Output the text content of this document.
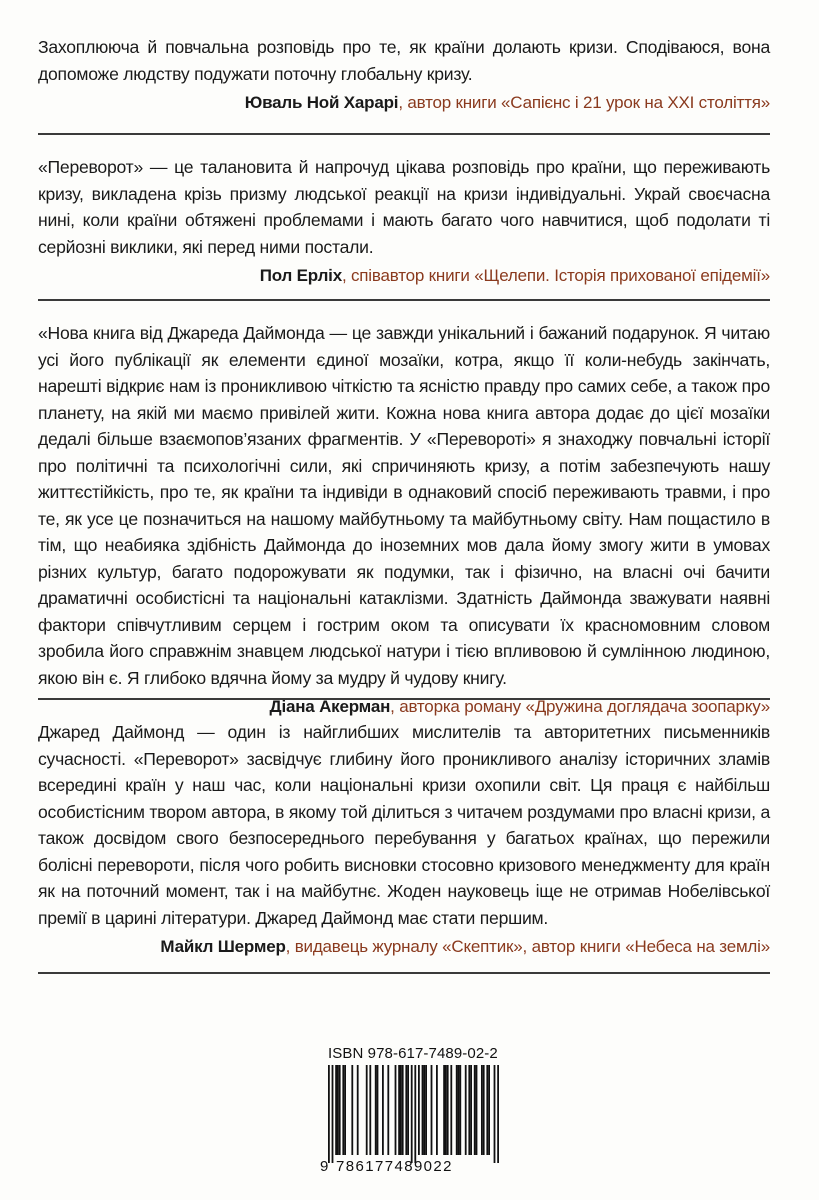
Захоплююча й повчальна розповідь про те, як країни долають кризи. Сподіваюся, вона допоможе людству подужати поточну глобальну кризу.

Юваль Ной Харарі, автор книги «Сапієнс і 21 урок на XXI століття»

«Переворот» — це талановита й напрочуд цікава розповідь про країни, що переживають кризу, викладена крізь призму людської реакції на кризи індивідуальні. Украй своєчасна нині, коли країни обтяжені проблемами і мають багато чого навчитися, щоб подолати ті серйозні виклики, які перед ними постали.

Пол Ерліх, співавтор книги «Щелепи. Історія прихованої епідемії»

«Нова книга від Джареда Даймонда — це завжди унікальний і бажаний подарунок. Я читаю усі його публікації як елементи єдиної мозаїки, котра, якщо її коли-небудь закінчать, нарешті відкриє нам із проникливою чіткістю та ясністю правду про самих себе, а також про планету, на якій ми маємо привілей жити. Кожна нова книга автора додає до цієї мозаїки дедалі більше взаємопов’язаних фрагментів. У «Перевороті» я знаходжу повчальні історії про політичні та психологічні сили, які спричиняють кризу, а потім забезпечують нашу життєстійкість, про те, як країни та індивіди в однаковий спосіб переживають травми, і про те, як усе це позначиться на нашому майбутньому та майбутньому світу. Нам пощастило в тім, що неабияка здібність Даймонда до іноземних мов дала йому змогу жити в умовах різних культур, багато подорожувати як подумки, так і фізично, на власні очі бачити драматичні особистісні та національні катаклізми. Здатність Даймонда зважувати наявні фактори співчутливим серцем і гострим оком та описувати їх красномовним словом зробила його справжнім знавцем людської натури і тією впливовою й сумлінною людиною, якою він є. Я глибоко вдячна йому за мудру й чудову книгу.

Діана Акерман, авторка роману «Дружина доглядача зоопарку»

Джаред Даймонд — один із найглибших мислителів та авторитетних письменників сучасності. «Переворот» засвідчує глибину його проникливого аналізу історичних зламів всередині країн у наш час, коли національні кризи охопили світ. Ця праця є найбільш особистісним твором автора, в якому той ділиться з читачем роздумами про власні кризи, а також досвідом свого безпосереднього перебування у багатьох країнах, що пережили болісні перевороти, після чого робить висновки стосовно кризового менеджменту для країн як на поточний момент, так і на майбутнє. Жоден науковець іще не отримав Нобелівської премії в царині літератури. Джаред Даймонд має стати першим.

Майкл Шермер, видавець журналу «Скептик», автор книги «Небеса на землі»

ISBN 978-617-7489-02-2
9 786177489022
